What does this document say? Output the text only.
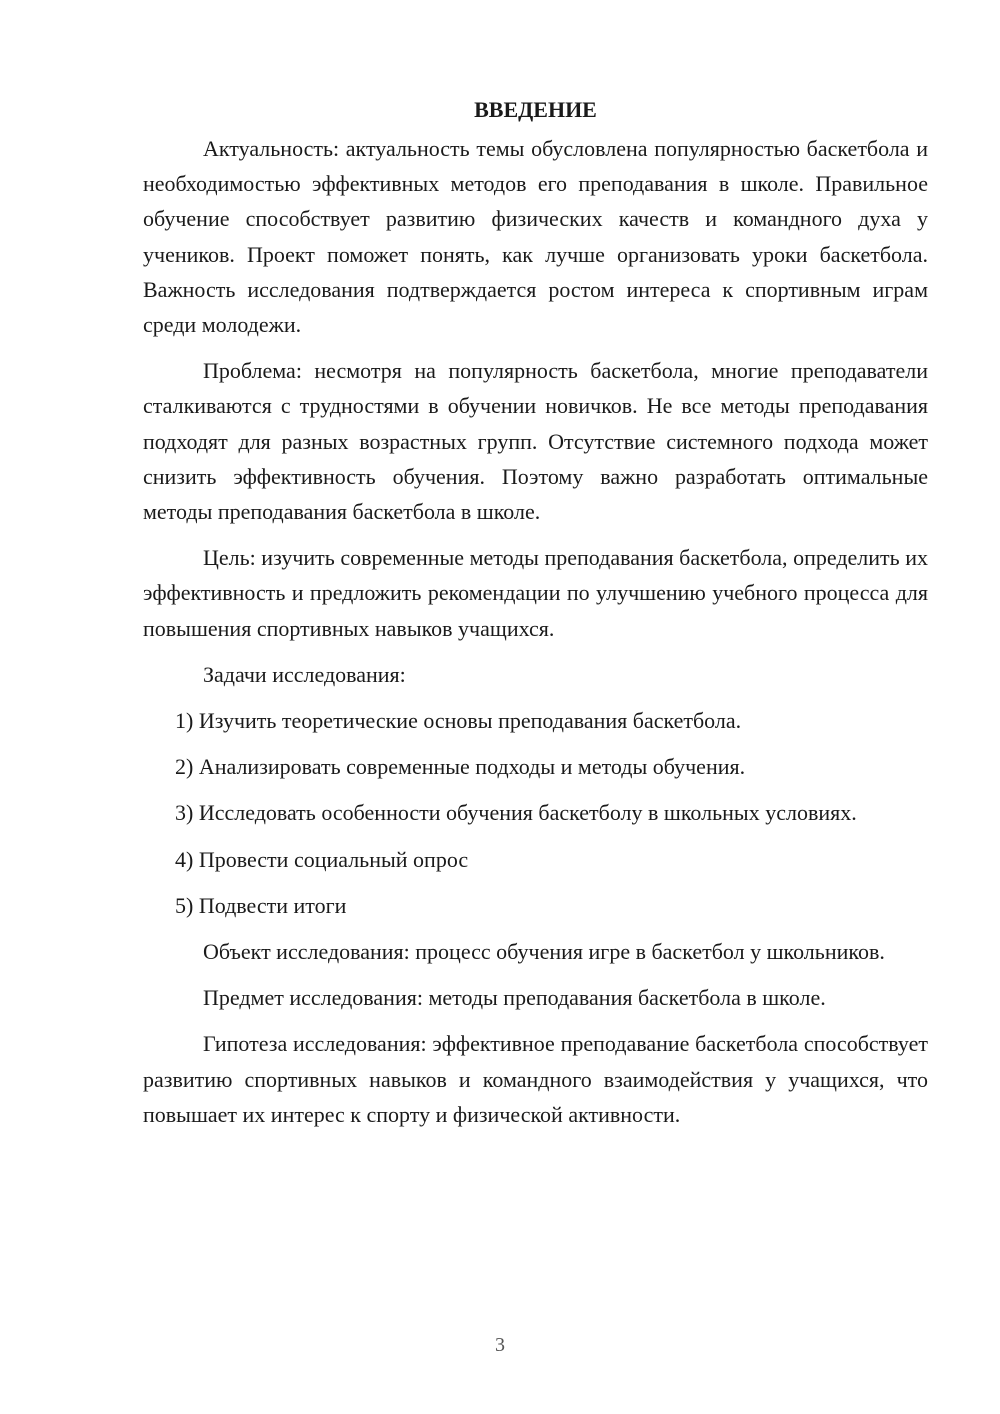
ВВЕДЕНИЕ

Актуальность: актуальность темы обусловлена популярностью баскетбола и необходимостью эффективных методов его преподавания в школе. Правильное обучение способствует развитию физических качеств и командного духа у учеников. Проект поможет понять, как лучше организовать уроки баскетбола. Важность исследования подтверждается ростом интереса к спортивным играм среди молодежи.

Проблема: несмотря на популярность баскетбола, многие преподаватели сталкиваются с трудностями в обучении новичков. Не все методы преподавания подходят для разных возрастных групп. Отсутствие системного подхода может снизить эффективность обучения. Поэтому важно разработать оптимальные методы преподавания баскетбола в школе.

Цель: изучить современные методы преподавания баскетбола, определить их эффективность и предложить рекомендации по улучшению учебного процесса для повышения спортивных навыков учащихся.

Задачи исследования:

1) Изучить теоретические основы преподавания баскетбола.

2) Анализировать современные подходы и методы обучения.

3) Исследовать особенности обучения баскетболу в школьных условиях.

4) Провести социальный опрос

5) Подвести итоги

Объект исследования: процесс обучения игре в баскетбол у школьников.

Предмет исследования: методы преподавания баскетбола в школе.

Гипотеза исследования: эффективное преподавание баскетбола способствует развитию спортивных навыков и командного взаимодействия у учащихся, что повышает их интерес к спорту и физической активности.

3
